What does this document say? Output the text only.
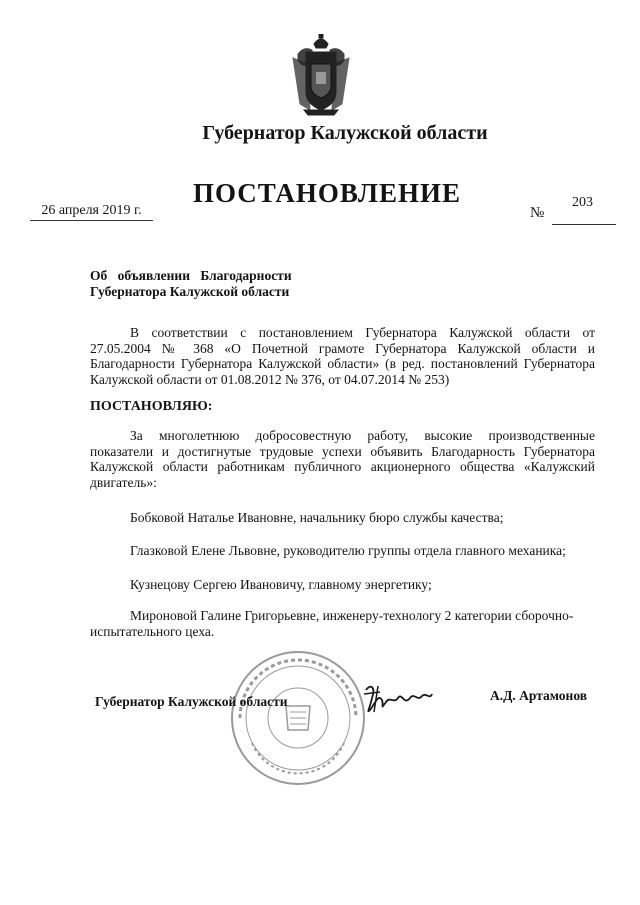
Губернатор Калужской области
ПОСТАНОВЛЕНИЕ
26 апреля 2019 г.	№
203
Об объявлении Благодарности
Губернатора Калужской области
В соответствии с постановлением Губернатора Калужской области от 27.05.2004 № 368 «О Почетной грамоте Губернатора Калужской области и Благодарности Губернатора Калужской области» (в ред. постановлений Губернатора Калужской области от 01.08.2012 № 376, от 04.07.2014 № 253)
ПОСТАНОВЛЯЮ:
За многолетнюю добросовестную работу, высокие производственные показатели и достигнутые трудовые успехи объявить Благодарность Губернатора Калужской области работникам публичного акционерного общества «Калужский двигатель»:
Бобковой Наталье Ивановне, начальнику бюро службы качества;
Глазковой Елене Львовне, руководителю группы отдела главного механика;
Кузнецову Сергею Ивановичу, главному энергетику;
Мироновой Галине Григорьевне, инженеру-технологу 2 категории сборочно-испытательного цеха.
Губернатор Калужской области	А.Д. Артамонов
